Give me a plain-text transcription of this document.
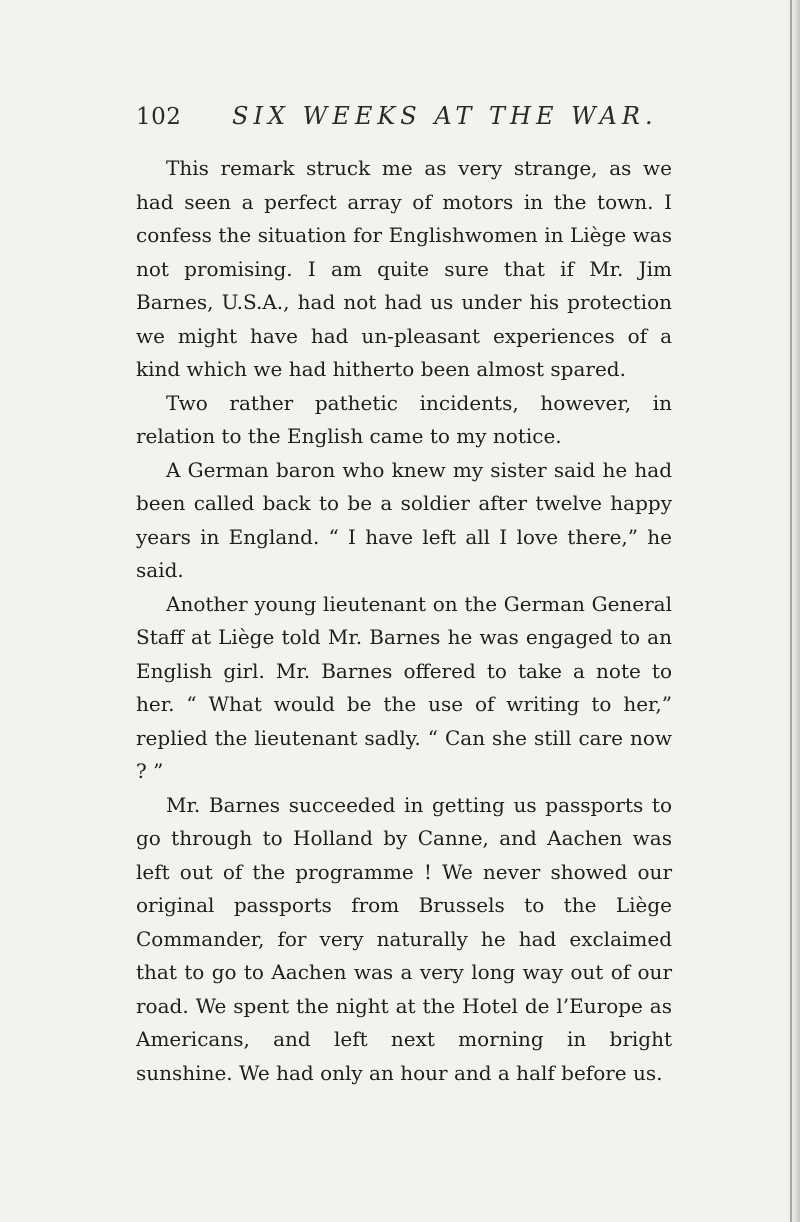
102 SIX WEEKS AT THE WAR.

This remark struck me as very strange, as we had seen a perfect array of motors in the town. I confess the situation for Englishwomen in Liège was not promising. I am quite sure that if Mr. Jim Barnes, U.S.A., had not had us under his protection we might have had un-pleasant experiences of a kind which we had hitherto been almost spared.

Two rather pathetic incidents, however, in relation to the English came to my notice.

A German baron who knew my sister said he had been called back to be a soldier after twelve happy years in England. “ I have left all I love there,” he said.

Another young lieutenant on the German General Staff at Liège told Mr. Barnes he was engaged to an English girl. Mr. Barnes offered to take a note to her. “ What would be the use of writing to her,” replied the lieutenant sadly. “ Can she still care now ? ”

Mr. Barnes succeeded in getting us passports to go through to Holland by Canne, and Aachen was left out of the programme ! We never showed our original passports from Brussels to the Liège Commander, for very naturally he had exclaimed that to go to Aachen was a very long way out of our road. We spent the night at the Hotel de l’Europe as Americans, and left next morning in bright sunshine. We had only an hour and a half before us.
